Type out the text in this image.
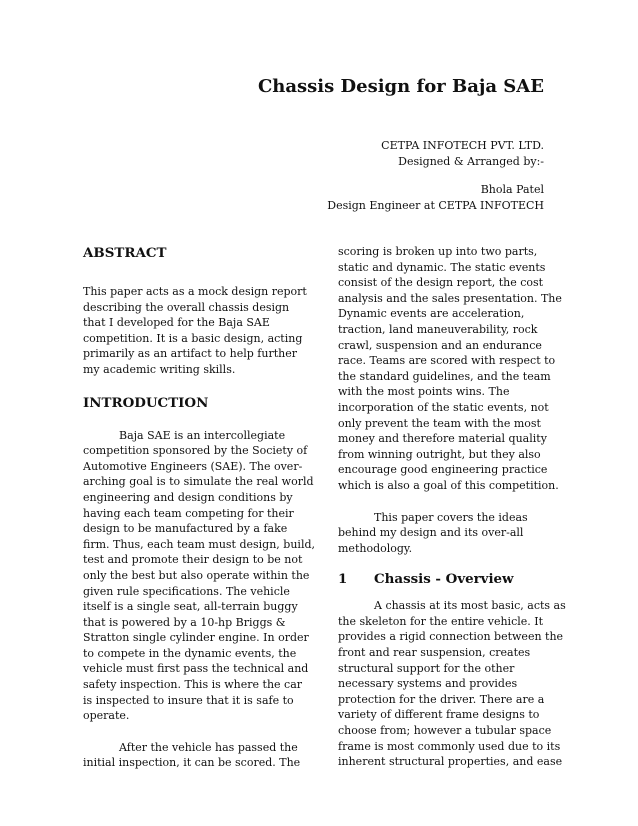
Chassis Design for Baja SAE
CETPA INFOTECH PVT. LTD.
Designed & Arranged by:-
Bhola Patel
Design Engineer at CETPA INFOTECH
ABSTRACT
This paper acts as a mock design report
describing the overall chassis design
that I developed for the Baja SAE
competition. It is a basic design, acting
primarily as an artifact to help further
my academic writing skills.
INTRODUCTION
Baja SAE is an intercollegiate
competition sponsored by the Society of
Automotive Engineers (SAE). The over-
arching goal is to simulate the real world
engineering and design conditions by
having each team competing for their
design to be manufactured by a fake
firm. Thus, each team must design, build,
test and promote their design to be not
only the best but also operate within the
given rule specifications. The vehicle
itself is a single seat, all-terrain buggy
that is powered by a 10-hp Briggs &
Stratton single cylinder engine. In order
to compete in the dynamic events, the
vehicle must first pass the technical and
safety inspection. This is where the car
is inspected to insure that it is safe to
operate.
After the vehicle has passed the
initial inspection, it can be scored. The
scoring is broken up into two parts,
static and dynamic. The static events
consist of the design report, the cost
analysis and the sales presentation. The
Dynamic events are acceleration,
traction, land maneuverability, rock
crawl, suspension and an endurance
race. Teams are scored with respect to
the standard guidelines, and the team
with the most points wins. The
incorporation of the static events, not
only prevent the team with the most
money and therefore material quality
from winning outright, but they also
encourage good engineering practice
which is also a goal of this competition.
This paper covers the ideas
behind my design and its over-all
methodology.
1 Chassis - Overview
A chassis at its most basic, acts as
the skeleton for the entire vehicle. It
provides a rigid connection between the
front and rear suspension, creates
structural support for the other
necessary systems and provides
protection for the driver. There are a
variety of different frame designs to
choose from; however a tubular space
frame is most commonly used due to its
inherent structural properties, and ease
